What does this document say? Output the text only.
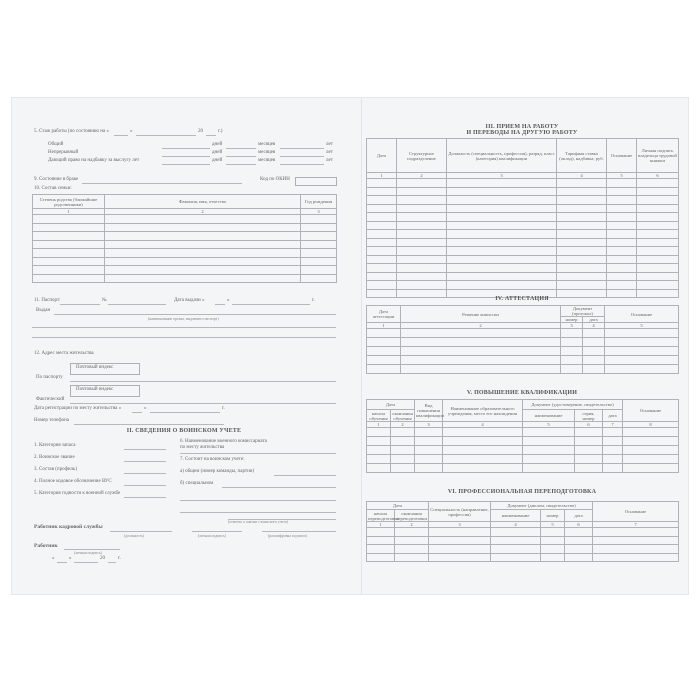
5. Стаж работы (по состоянию на «	»	20	г.)
9. Состояние в браке	Код по ОКИН
10. Состав семьи:
Степень родства (ближайшие родственники)	Фамилия, имя, отчество	Год рождения
1	2	3

11. Паспорт:	№	Дата выдачи «	»	г.
Выдан
(наименование органа, выдавшего паспорт)
12. Адрес места жительства
Почтовый индекс
По паспорту
Почтовый индекс
Фактический
Дата регистрации по месту жительства «	»	г.
Номер телефона
II. СВЕДЕНИЯ О ВОИНСКОМ УЧЕТЕ
(отметка о снятии с воинского учета)
Работник кадровой службы
(должность)	(личная подпись)	(расшифровка подписи)
Работник
(личная подпись)
«	»	20	г.
III. ПРИЕМ НА РАБОТУ
И ПЕРЕВОДЫ НА ДРУГУЮ РАБОТУ
Дата	Структурное подразделение	Должность (специальность, профессия), разряд, класс (категория) квалификации	Тарифная ставка (оклад), надбавка, руб.	Основание	Личная подпись владельца трудовой книжки
1	2	3	4	5	6

IV. АТТЕСТАЦИЯ
Дата аттестации	Решение комиссии	Документ (протокол)		Основание
		номер	дата	
1	2	3	4	5

V. ПОВЫШЕНИЕ КВАЛИФИКАЦИИ
Дата		Вид повышения квалификации	Наименование образовательного учреждения, место его нахождения	Документ (удостоверение, свидетельство)			Основание
начала обучения	окончания обучения			наименование	серия, номер	дата	
1	2	3	4	5	6	7	8

VI. ПРОФЕССИОНАЛЬНАЯ ПЕРЕПОДГОТОВКА
Дата		Специальность (направление, профессия)	Документ (диплом, свидетельство)			Основание
начала переподготовки	окончания переподготовки		наименование	номер	дата	
1	2	3	4	5	6	7

Общий	дней	месяцев	лет
Непрерывный	дней	месяцев	лет
Дающий право на надбавку за выслугу лет	дней	месяцев	лет
1. Категория запаса
2. Воинское звание
3. Состав (профиль)
4. Полное кодовое обозначение ВУС
5. Категория годности к военной службе
6. Наименование военного комиссариата по месту жительства
7. Состоит на воинском учете:
а) общем (номер команды, партии)
б) специальном
